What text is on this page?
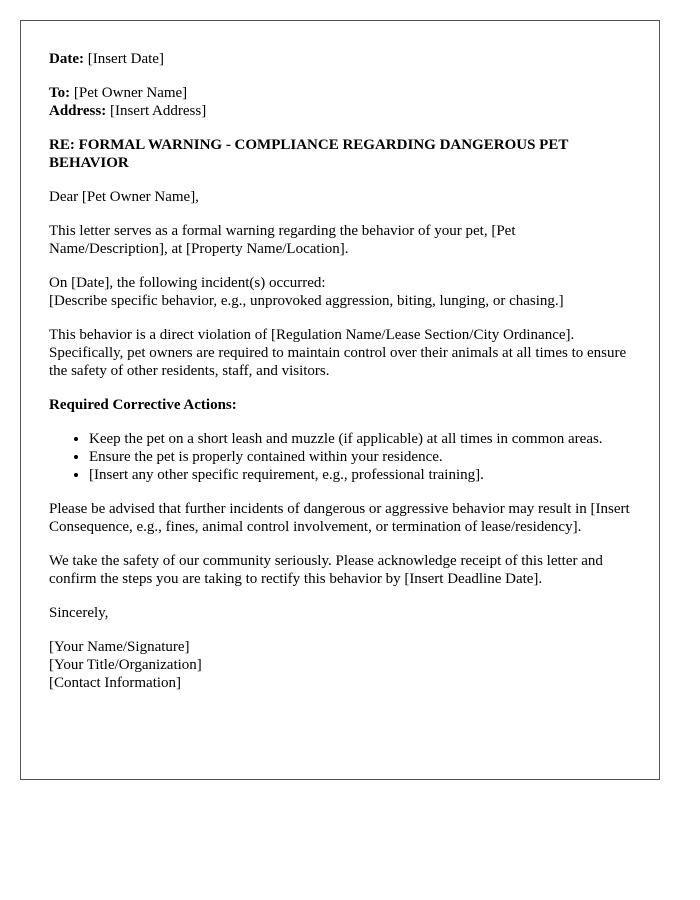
Date: [Insert Date]

To: [Pet Owner Name]

Address: [Insert Address]

RE: FORMAL WARNING - COMPLIANCE REGARDING DANGEROUS PET BEHAVIOR

Dear [Pet Owner Name],

This letter serves as a formal warning regarding the behavior of your pet, [Pet Name/Description], at [Property Name/Location].

On [Date], the following incident(s) occurred:
[Describe specific behavior, e.g., unprovoked aggression, biting, lunging, or chasing.]

This behavior is a direct violation of [Regulation Name/Lease Section/City Ordinance]. Specifically, pet owners are required to maintain control over their animals at all times to ensure the safety of other residents, staff, and visitors.

Required Corrective Actions:

• Keep the pet on a short leash and muzzle (if applicable) at all times in common areas.
• Ensure the pet is properly contained within your residence.
• [Insert any other specific requirement, e.g., professional training].

Please be advised that further incidents of dangerous or aggressive behavior may result in [Insert Consequence, e.g., fines, animal control involvement, or termination of lease/residency].

We take the safety of our community seriously. Please acknowledge receipt of this letter and confirm the steps you are taking to rectify this behavior by [Insert Deadline Date].

Sincerely,

[Your Name/Signature]
[Your Title/Organization]
[Contact Information]
